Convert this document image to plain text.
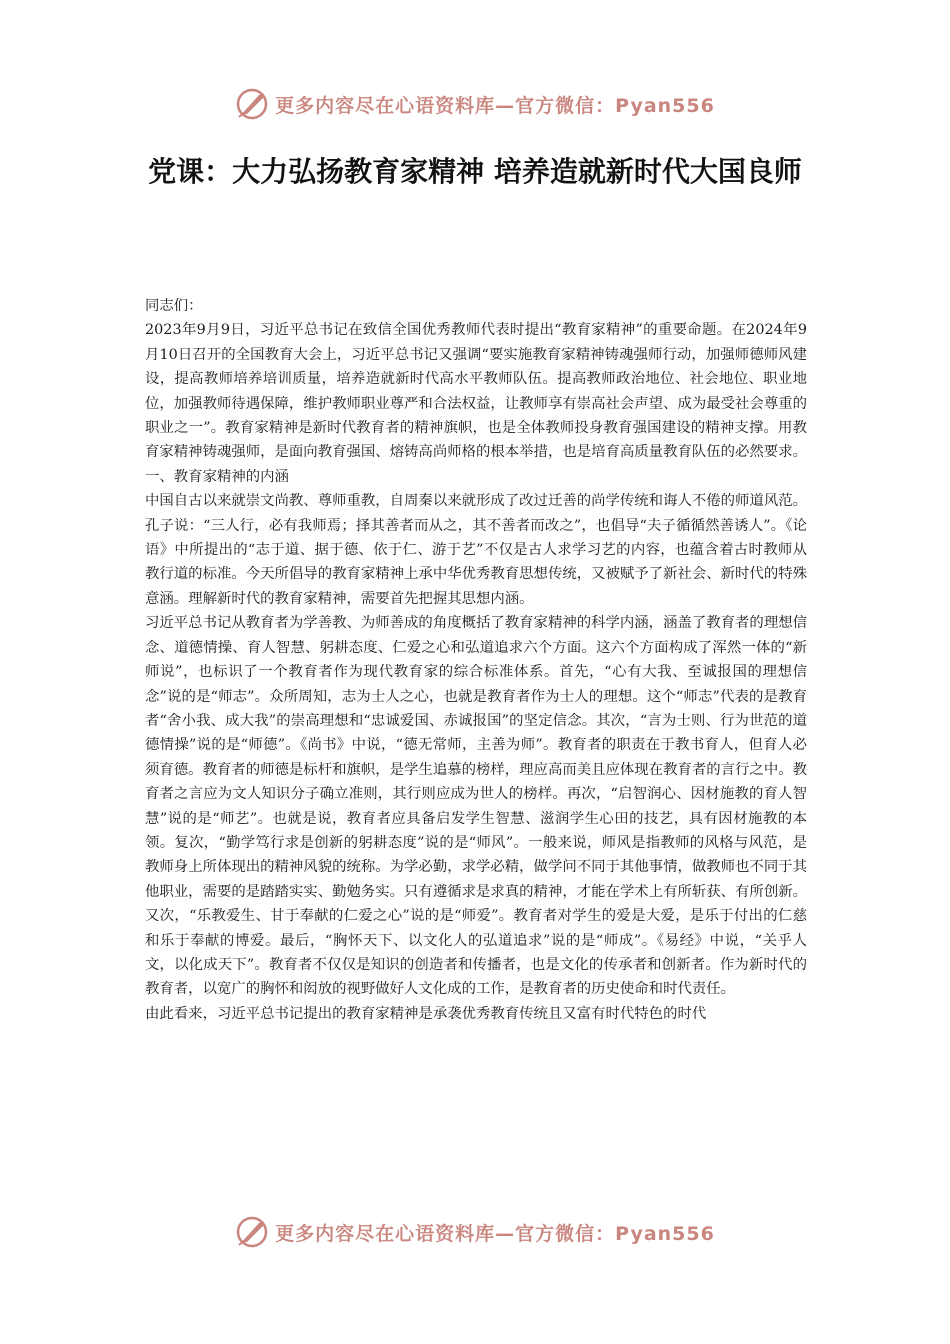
更多内容尽在心语资料库—官方微信：Pyan556
党课：大力弘扬教育家精神 培养造就新时代大国良师

同志们：

2023年9月9日，习近平总书记在致信全国优秀教师代表时提出“教育家精神”的重要命题。在2024年9月10日召开的全国教育大会上，习近平总书记又强调“要实施教育家精神铸魂强师行动，加强师德师风建设，提高教师培养培训质量，培养造就新时代高水平教师队伍。提高教师政治地位、社会地位、职业地位，加强教师待遇保障，维护教师职业尊严和合法权益，让教师享有崇高社会声望、成为最受社会尊重的职业之一”。教育家精神是新时代教育者的精神旗帜，也是全体教师投身教育强国建设的精神支撑。用教育家精神铸魂强师，是面向教育强国、熔铸高尚师格的根本举措，也是培育高质量教育队伍的必然要求。

一、教育家精神的内涵

中国自古以来就崇文尚教、尊师重教，自周秦以来就形成了改过迁善的尚学传统和诲人不倦的师道风范。孔子说：“三人行，必有我师焉；择其善者而从之，其不善者而改之”，也倡导“夫子循循然善诱人”。《论语》中所提出的“志于道、据于德、依于仁、游于艺”不仅是古人求学习艺的内容，也蕴含着古时教师从教行道的标准。今天所倡导的教育家精神上承中华优秀教育思想传统，又被赋予了新社会、新时代的特殊意涵。理解新时代的教育家精神，需要首先把握其思想内涵。

习近平总书记从教育者为学善教、为师善成的角度概括了教育家精神的科学内涵，涵盖了教育者的理想信念、道德情操、育人智慧、躬耕态度、仁爱之心和弘道追求六个方面。这六个方面构成了浑然一体的“新师说”，也标识了一个教育者作为现代教育家的综合标准体系。首先，“心有大我、至诚报国的理想信念”说的是“师志”。众所周知，志为士人之心，也就是教育者作为士人的理想。这个“师志”代表的是教育者“舍小我、成大我”的崇高理想和“忠诚爱国、赤诚报国”的坚定信念。其次，“言为士则、行为世范的道德情操”说的是“师德”。《尚书》中说，“德无常师，主善为师”。教育者的职责在于教书育人，但育人必须育德。教育者的师德是标杆和旗帜，是学生追慕的榜样，理应高而美且应体现在教育者的言行之中。教育者之言应为文人知识分子确立准则，其行则应成为世人的榜样。再次，“启智润心、因材施教的育人智慧”说的是“师艺”。也就是说，教育者应具备启发学生智慧、滋润学生心田的技艺，具有因材施教的本领。复次，“勤学笃行求是创新的躬耕态度”说的是“师风”。一般来说，师风是指教师的风格与风范，是教师身上所体现出的精神风貌的统称。为学必勤，求学必精，做学问不同于其他事情，做教师也不同于其他职业，需要的是踏踏实实、勤勉务实。只有遵循求是求真的精神，才能在学术上有所斩获、有所创新。又次，“乐教爱生、甘于奉献的仁爱之心”说的是“师爱”。教育者对学生的爱是大爱，是乐于付出的仁慈和乐于奉献的博爱。最后，“胸怀天下、以文化人的弘道追求”说的是“师成”。《易经》中说，“关乎人文，以化成天下”。教育者不仅仅是知识的创造者和传播者，也是文化的传承者和创新者。作为新时代的教育者，以宽广的胸怀和闳放的视野做好人文化成的工作，是教育者的历史使命和时代责任。

由此看来，习近平总书记提出的教育家精神是承袭优秀教育传统且又富有时代特色的时代

更多内容尽在心语资料库—官方微信：Pyan556
